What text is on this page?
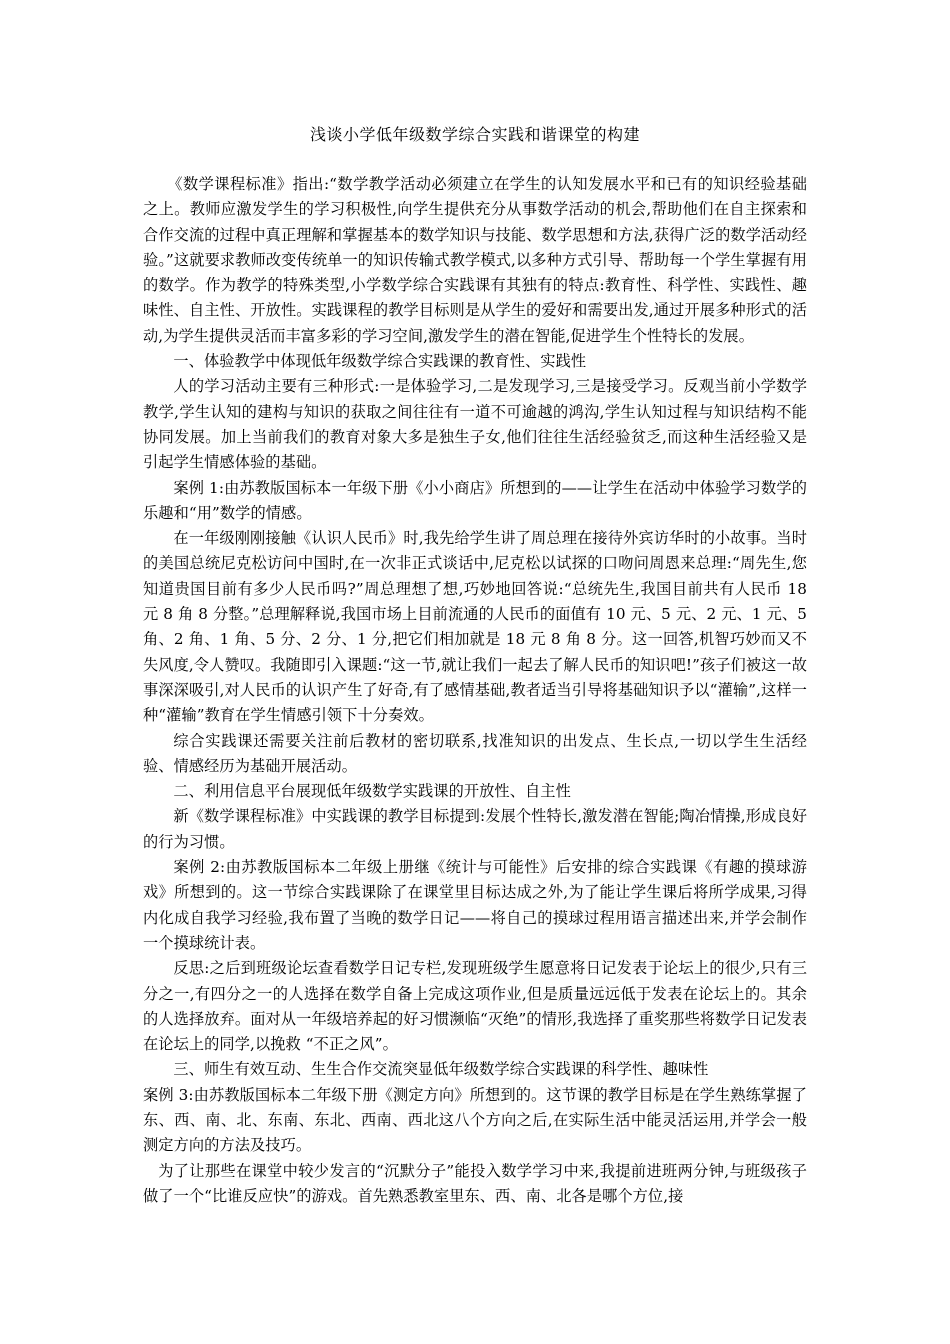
浅谈小学低年级数学综合实践和谐课堂的构建

《数学课程标准》指出:“数学教学活动必须建立在学生的认知发展水平和已有的知识经验基础之上。教师应激发学生的学习积极性,向学生提供充分从事数学活动的机会,帮助他们在自主探索和合作交流的过程中真正理解和掌握基本的数学知识与技能、数学思想和方法,获得广泛的数学活动经验。”这就要求教师改变传统单一的知识传输式教学模式,以多种方式引导、帮助每一个学生掌握有用的数学。作为教学的特殊类型,小学数学综合实践课有其独有的特点:教育性、科学性、实践性、趣味性、自主性、开放性。实践课程的教学目标则是从学生的爱好和需要出发,通过开展多种形式的活动,为学生提供灵活而丰富多彩的学习空间,激发学生的潜在智能,促进学生个性特长的发展。

一、体验教学中体现低年级数学综合实践课的教育性、实践性

人的学习活动主要有三种形式:一是体验学习,二是发现学习,三是接受学习。反观当前小学数学教学,学生认知的建构与知识的获取之间往往有一道不可逾越的鸿沟,学生认知过程与知识结构不能协同发展。加上当前我们的教育对象大多是独生子女,他们往往生活经验贫乏,而这种生活经验又是引起学生情感体验的基础。

案例 1:由苏教版国标本一年级下册《小小商店》所想到的——让学生在活动中体验学习数学的乐趣和“用”数学的情感。

在一年级刚刚接触《认识人民币》时,我先给学生讲了周总理在接待外宾访华时的小故事。当时的美国总统尼克松访问中国时,在一次非正式谈话中,尼克松以试探的口吻问周恩来总理:“周先生,您知道贵国目前有多少人民币吗?”周总理想了想,巧妙地回答说:“总统先生,我国目前共有人民币 18 元 8 角 8 分整。”总理解释说,我国市场上目前流通的人民币的面值有 10 元、5 元、2 元、1 元、5 角、2 角、1 角、5 分、2 分、1 分,把它们相加就是 18 元 8 角 8 分。这一回答,机智巧妙而又不失风度,令人赞叹。我随即引入课题:“这一节,就让我们一起去了解人民币的知识吧!”孩子们被这一故事深深吸引,对人民币的认识产生了好奇,有了感情基础,教者适当引导将基础知识予以“灌输”,这样一种“灌输”教育在学生情感引领下十分奏效。

综合实践课还需要关注前后教材的密切联系,找准知识的出发点、生长点,一切以学生生活经验、情感经历为基础开展活动。

二、利用信息平台展现低年级数学实践课的开放性、自主性

新《数学课程标准》中实践课的教学目标提到:发展个性特长,激发潜在智能;陶冶情操,形成良好的行为习惯。

案例 2:由苏教版国标本二年级上册继《统计与可能性》后安排的综合实践课《有趣的摸球游戏》所想到的。这一节综合实践课除了在课堂里目标达成之外,为了能让学生课后将所学成果,习得内化成自我学习经验,我布置了当晚的数学日记——将自己的摸球过程用语言描述出来,并学会制作一个摸球统计表。

反思:之后到班级论坛查看数学日记专栏,发现班级学生愿意将日记发表于论坛上的很少,只有三分之一,有四分之一的人选择在数学自备上完成这项作业,但是质量远远低于发表在论坛上的。其余的人选择放弃。面对从一年级培养起的好习惯濒临“灭绝”的情形,我选择了重奖那些将数学日记发表在论坛上的同学,以挽救 “不正之风”。

三、师生有效互动、生生合作交流突显低年级数学综合实践课的科学性、趣味性

案例 3:由苏教版国标本二年级下册《测定方向》所想到的。这节课的教学目标是在学生熟练掌握了东、西、南、北、东南、东北、西南、西北这八个方向之后,在实际生活中能灵活运用,并学会一般测定方向的方法及技巧。

为了让那些在课堂中较少发言的“沉默分子”能投入数学学习中来,我提前进班两分钟,与班级孩子做了一个“比谁反应快”的游戏。首先熟悉教室里东、西、南、北各是哪个方位,接
